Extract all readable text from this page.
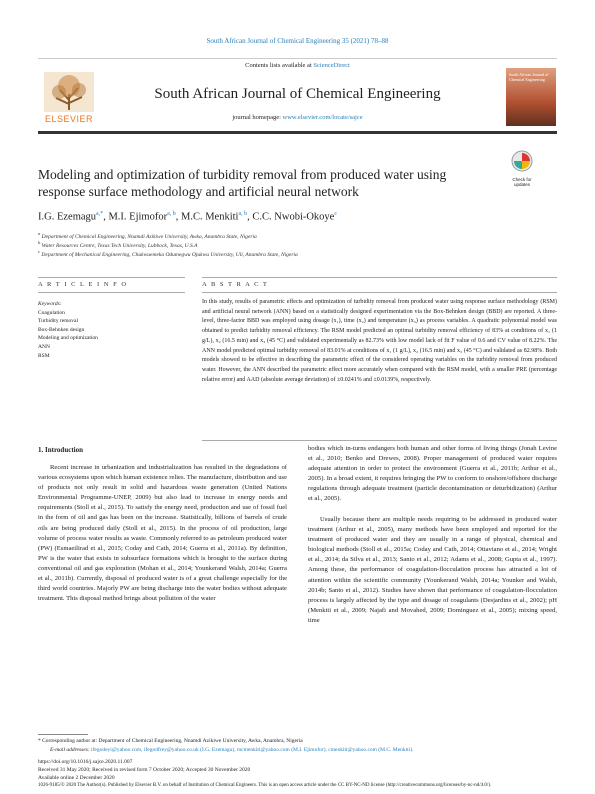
South African Journal of Chemical Engineering 35 (2021) 78–88
ELSEVIER
Contents lists available at ScienceDirect
South African Journal of Chemical Engineering
journal homepage: www.elsevier.com/locate/sajce
South African Journal of Chemical Engineering
Modeling and optimization of turbidity removal from produced water using response surface methodology and artificial neural network
Check for updates
I.G. Ezemagu$^{a,*}$, M.I. Ejimofor$^{a, b}$, M.C. Menkiti$^{a, b}$, C.C. Nwobi-Okoye$^c$
$^a$ Department of Chemical Engineering, Nnamdi Azikiwe University, Awka, Anambra State, Nigeria
$^b$ Water Resources Centre, Texas Tech University, Lubbock, Texas, U.S.A
$^c$ Department of Mechanical Engineering, Chukwuemeka Odumegwu Ojukwu University, Uli, Anambra State, Nigeria
A R T I C L E I N F O	A B S T R A C T
Keywords:
Coagulation
Turbidity removal
Box-Behnken design
Modeling and optimization
ANN
RSM
In this study, results of parametric effects and optimization of turbidity removal from produced water using response surface methodology (RSM) and artificial neural network (ANN) based on a statistically designed experimentation via the Box-Behnken design (BBD) are reported. A three-level, three-factor BBD was employed using dosage (x₁), time (x₂) and temperature (x₃) as process variables. A quadratic polynomial model was obtained to predict turbidity removal efficiency. The RSM model predicted an optimal turbidity removal efficiency of 83% at conditions of x₁ (1 g/L), x₂ (16.5 min) and x₃ (45 °C) and validated experimentally as 82.73% with low model lack of fit F value of 0.6 and CV value of 8.22%. The ANN model predicted optimal turbidity removal of 83.01% at conditions of x₁ (1 g/L), x₂ (16.5 min) and x₃ (45 °C) and validated as 82.98%. Both models showed to be effective in describing the parametric effect of the considered operating variables on the turbidity removal from produced water. However, the ANN described the parametric effect more accurately when compared with the RSM model, with a smaller PRE (percentage relative error) and AAD (absolute average deviation) of ±0.0241% and ±0.0139%, respectively.
1. Introduction
Recent increase in urbanization and industrialization has resulted in the degradations of various ecosystems upon which human existence relies. The manufacture, distribution and use of products not only result in solid and hazardous waste generation (United Nations Environmental Programme-UNEP, 2009) but also lead to increase in energy needs and requirements (Stoll et al., 2015). To satisfy the energy need, production and use of fossil fuel in the form of oil and gas has been on the increase. Statistically, billions of barrels of crude oils are being produced daily (Stoll et al., 2015). In the process of oil production, large volume of process water results as waste. Commonly referred to as petroleum produced water (PW) (Esmaeilirad et al., 2015; Coday and Cath, 2014; Guerra et al., 2011a). By definition, PW is the water that exists in subsurface formations which is brought to the surface during conventional oil and gas exploration (Mohan et al., 2014; Younkerand Walsh, 2014a; Guerra et al., 2011b). Currently, disposal of produced water is of a great challenge especially for the third world countries. Majorly PW are being discharge into the water bodies without adequate treatment. This disposal method brings about pollution of the water
bodies which in-turns endangers both human and other forms of living things (Jonah Levine et al., 2010; Benko and Drewes, 2008). Proper management of produced water requires adequate attention in order to protect the environment (Guerra et al., 2011b; Arthur et al., 2005). In a broad extent, it requires bringing the PW to conform to onshore/offshore discharge regulations through adequate treatment (particle decontamination or deturbidization) (Arthur et al., 2005).
Usually because there are multiple needs requiring to be addressed in produced water treatment (Arthur et al., 2005), many methods have been employed and reported for the treatment of produced water and they are usually in a range of physical, chemical and biological methods (Stoll et al., 2015a; Coday and Cath, 2014; Ottaviano et al., 2014; Wright et al., 2014; da Silva et al., 2013; Santo et al., 2012; Adams et al., 2008; Gupta et al., 1997). Among these, the performance of coagulation-flocculation process has attracted a lot of attention within the scientific community (Younkerand Walsh, 2014a; Younker and Walsh, 2014b; Santo et al., 2012). Studies have shown that performance of coagulation-flocculation process is largely affected by the type and dosage of coagulants (Desjardins et al., 2002); pH (Menkiti et al., 2009; Najafi and Movahed, 2009; Dominguez et al., 2005); mixing speed, time
* Corresponding author at: Department of Chemical Engineering, Nnamdi Azikiwe University, Awka, Anambra, Nigeria
E-mail addresses: ifegodeyi@yahoo.com, ifegodfrey@yahoo.co.uk (I.G. Ezemagu), mcmenkiti@yahoo.com (M.I. Ejimofor), cmenkiti@yahoo.com (M.C. Menkiti).
https://doi.org/10.1016/j.sajce.2020.11.007
Received 31 May 2020; Received in revised form 7 October 2020; Accepted 30 November 2020
Available online 2 December 2020
1026-9185/© 2020 The Author(s). Published by Elsevier B.V. on behalf of Institution of Chemical Engineers. This is an open access article under the CC BY-NC-ND license (http://creativecommons.org/licenses/by-nc-nd/4.0/).
